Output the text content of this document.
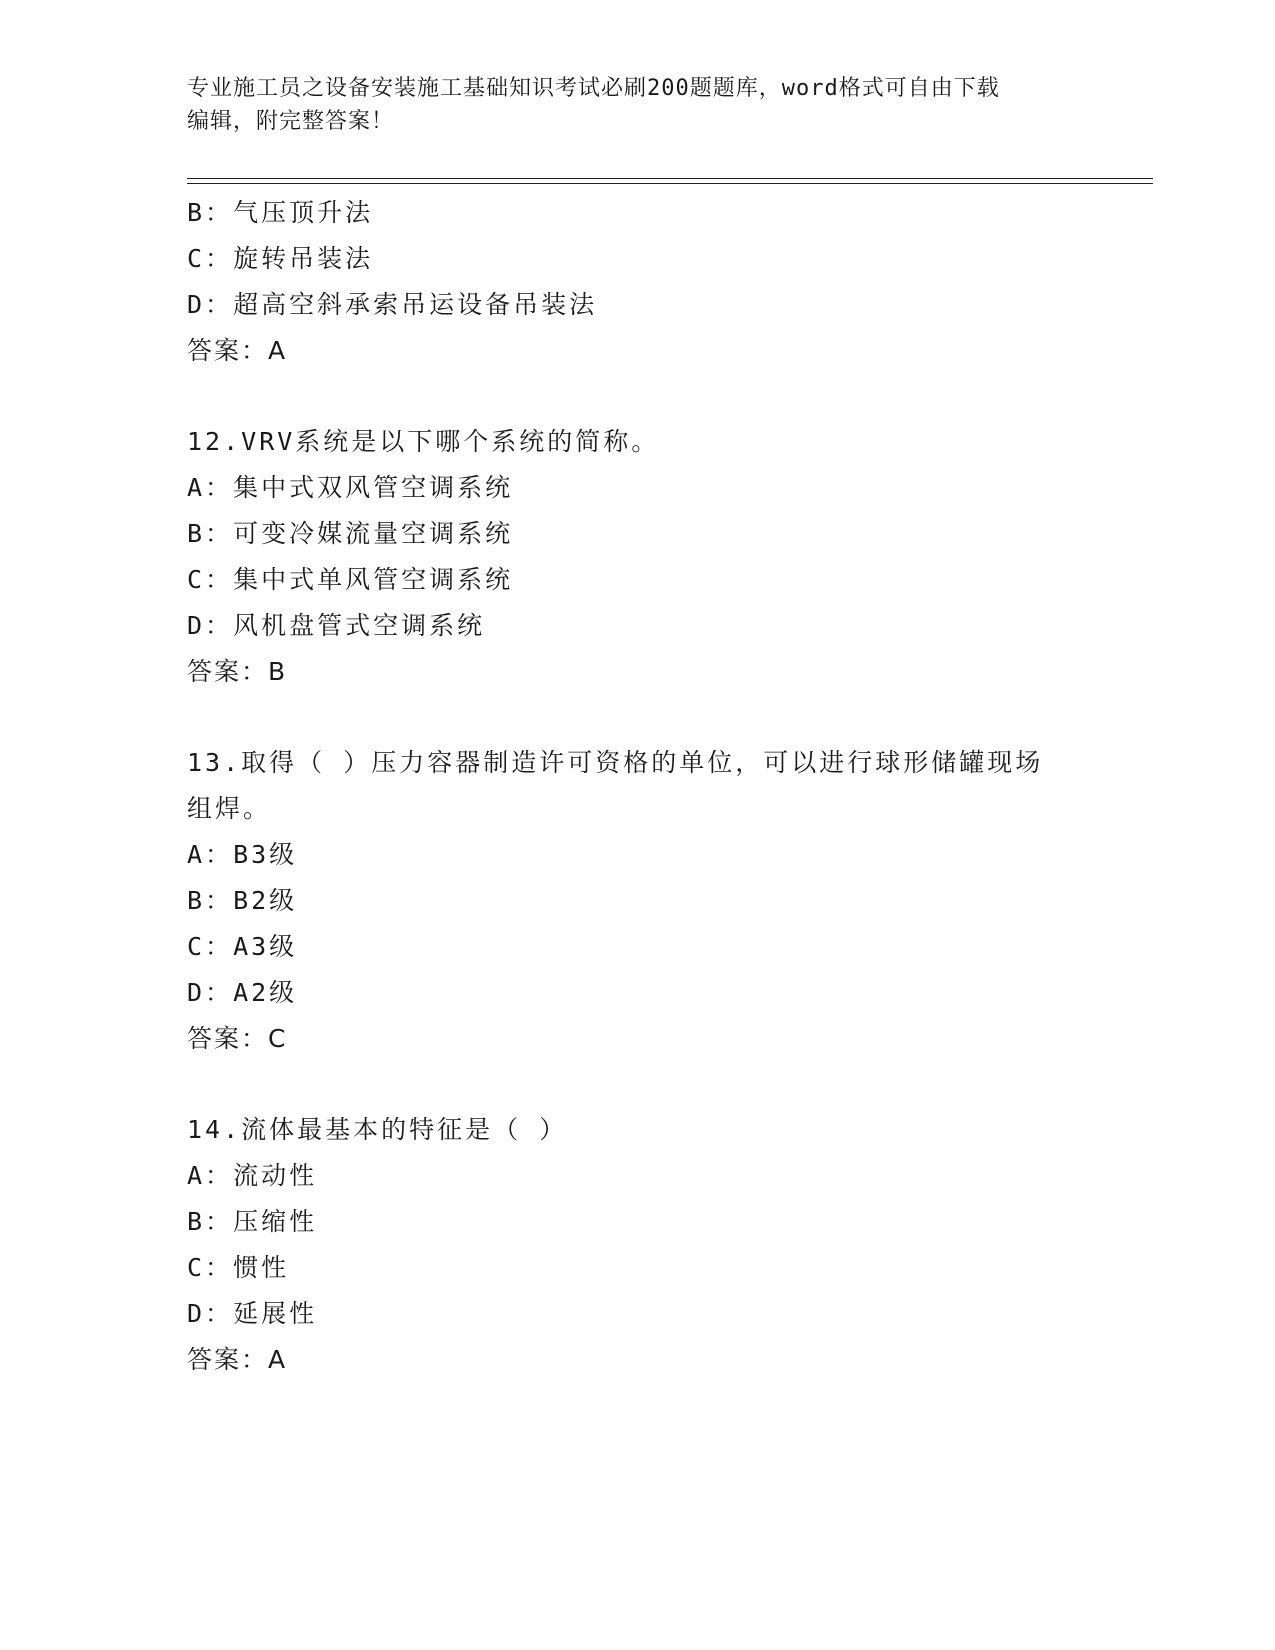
专业施工员之设备安装施工基础知识考试必刷200题题库，word格式可自由下载
编辑，附完整答案！
B：气压顶升法
C：旋转吊装法
D：超高空斜承索吊运设备吊装法
答案：A
12.VRV系统是以下哪个系统的简称。
A：集中式双风管空调系统
B：可变冷媒流量空调系统
C：集中式单风管空调系统
D：风机盘管式空调系统
答案：B
13.取得（ ）压力容器制造许可资格的单位，可以进行球形储罐现场组焊。
A：B3级
B：B2级
C：A3级
D：A2级
答案：C
14.流体最基本的特征是（ ）
A：流动性
B：压缩性
C：惯性
D：延展性
答案：A
